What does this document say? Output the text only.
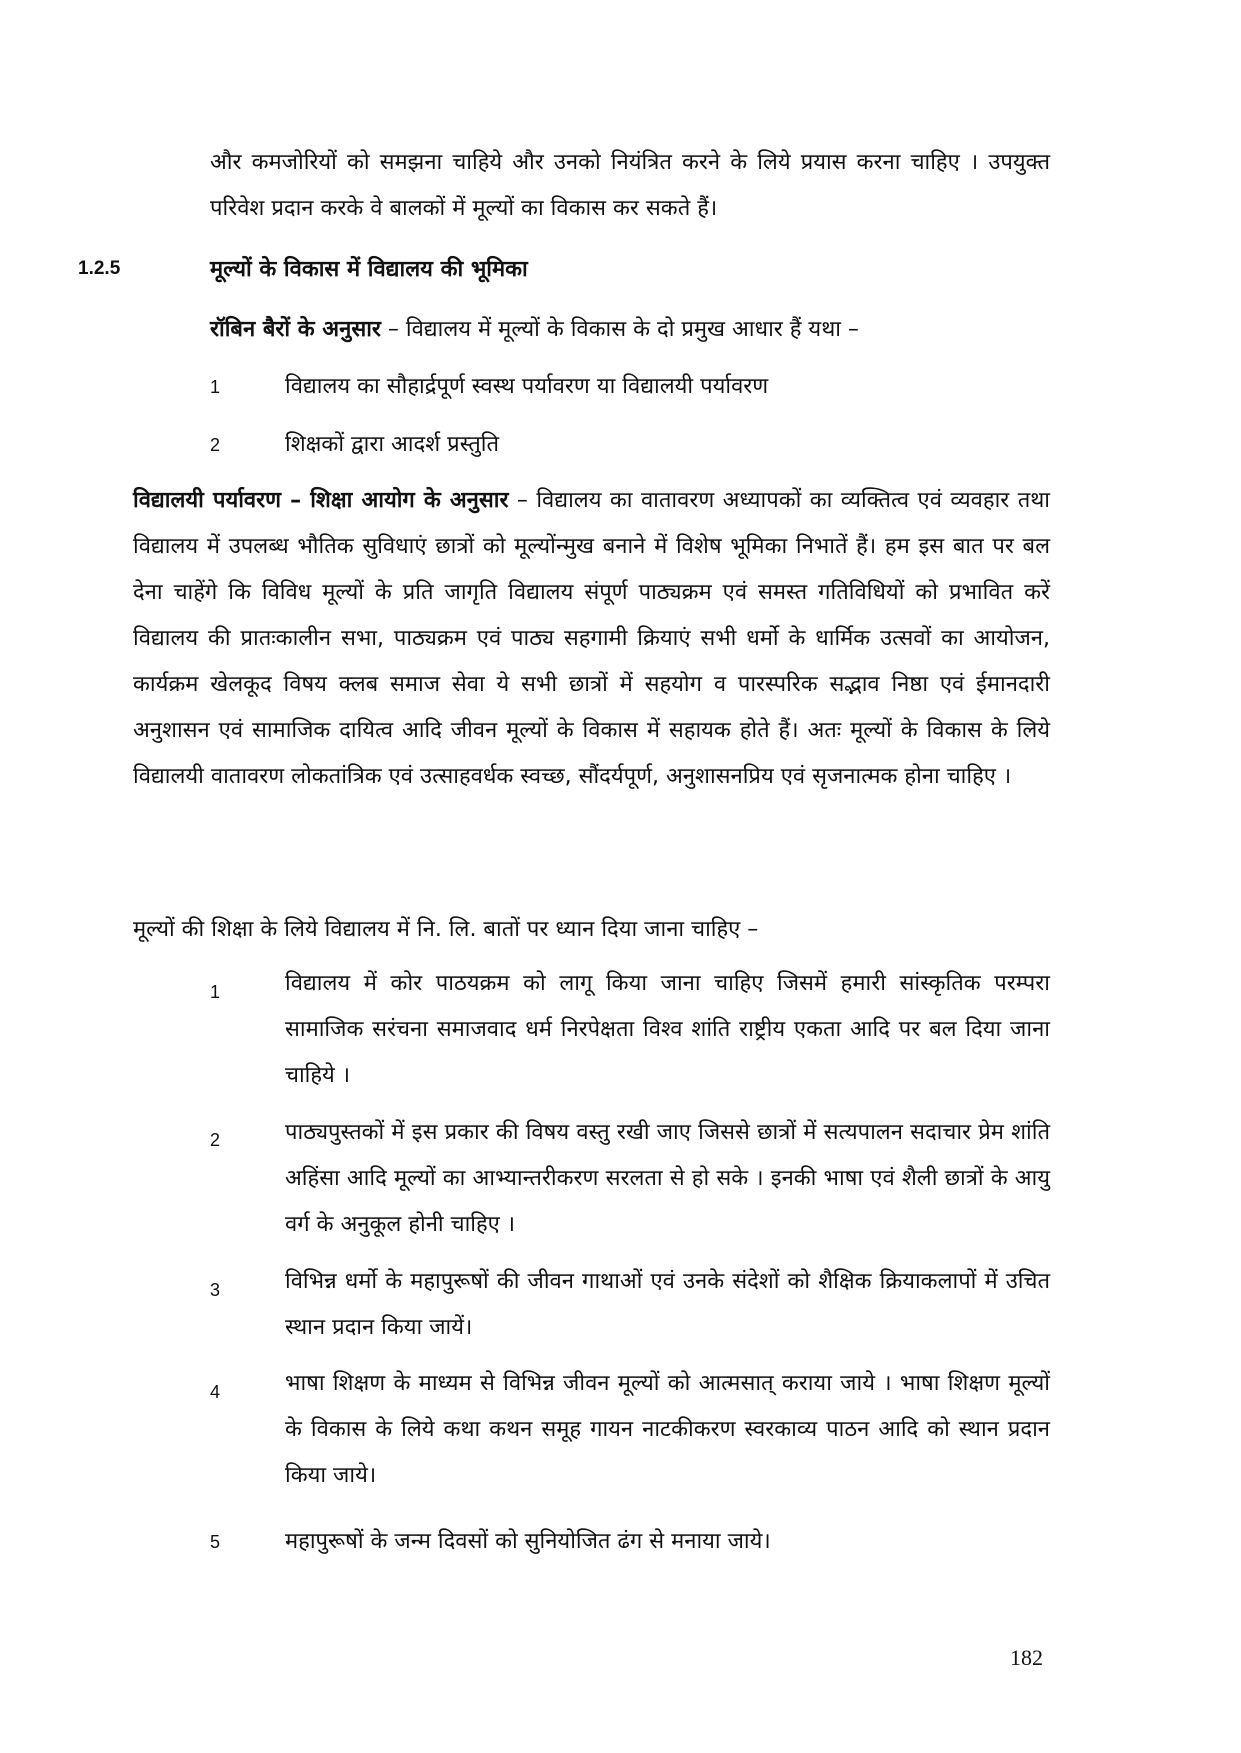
और कमजोरियों को समझना चाहिये और उनको नियंत्रित करने के लिये प्रयास करना चाहिए । उपयुक्त परिवेश प्रदान करके वे बालकों में मूल्यों का विकास कर सकते हैं।
1.2.5	मूल्यों के विकास में विद्यालय की भूमिका
रॉबिन बैरों के अनुसार – विद्यालय में मूल्यों के विकास के दो प्रमुख आधार हैं यथा –
1	विद्यालय का सौहार्द्रपूर्ण स्वस्थ पर्यावरण या विद्यालयी पर्यावरण
2	शिक्षकों द्वारा आदर्श प्रस्तुति
विद्यालयी पर्यावरण – शिक्षा आयोग के अनुसार – विद्यालय का वातावरण अध्यापकों का व्यक्तित्व एवं व्यवहार तथा विद्यालय में उपलब्ध भौतिक सुविधाएं छात्रों को मूल्योंन्मुख बनाने में विशेष भूमिका निभातें हैं। हम इस बात पर बल देना चाहेंगे कि विविध मूल्यों के प्रति जागृति विद्यालय संपूर्ण पाठ्यक्रम एवं समस्त गतिविधियों को प्रभावित करें विद्यालय की प्रातःकालीन सभा, पाठ्यक्रम एवं पाठ्य सहगामी क्रियाएं सभी धर्मो के धार्मिक उत्सवों का आयोजन, कार्यक्रम खेलकूद विषय क्लब समाज सेवा ये सभी छात्रों में सहयोग व पारस्परिक सद्भाव निष्ठा एवं ईमानदारी अनुशासन एवं सामाजिक दायित्व आदि जीवन मूल्यों के विकास में सहायक होते हैं। अतः मूल्यों के विकास के लिये विद्यालयी वातावरण लोकतांत्रिक एवं उत्साहवर्धक स्वच्छ, सौंदर्यपूर्ण, अनुशासनप्रिय एवं सृजनात्मक होना चाहिए ।
मूल्यों की शिक्षा के लिये विद्यालय में नि. लि. बातों पर ध्यान दिया जाना चाहिए –
1	विद्यालय में कोर पाठयक्रम को लागू किया जाना चाहिए जिसमें हमारी सांस्कृतिक परम्परा सामाजिक सरंचना समाजवाद धर्म निरपेक्षता विश्व शांति राष्ट्रीय एकता आदि पर बल दिया जाना चाहिये ।
2	पाठ्यपुस्तकों में इस प्रकार की विषय वस्तु रखी जाए जिससे छात्रों में सत्यपालन सदाचार प्रेम शांति अहिंसा आदि मूल्यों का आभ्यान्तरीकरण सरलता से हो सके । इनकी भाषा एवं शैली छात्रों के आयु वर्ग के अनुकूल होनी चाहिए ।
3	विभिन्न धर्मो के महापुरूषों की जीवन गाथाओं एवं उनके संदेशों को शैक्षिक क्रियाकलापों में उचित स्थान प्रदान किया जायें।
4	भाषा शिक्षण के माध्यम से विभिन्न जीवन मूल्यों को आत्मसात् कराया जाये । भाषा शिक्षण मूल्यों के विकास के लिये कथा कथन समूह गायन नाटकीकरण स्वरकाव्य पाठन आदि को स्थान प्रदान किया जाये।
5	महापुरूषों के जन्म दिवसों को सुनियोजित ढंग से मनाया जाये।
182
